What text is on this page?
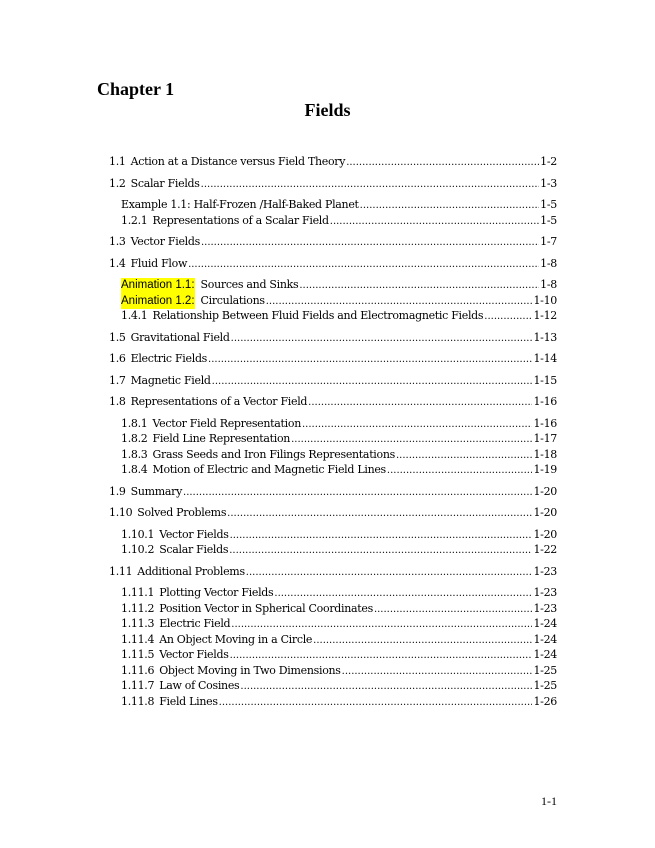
Chapter 1
Fields
1.1 Action at a Distance versus Field Theory .....	1-2
1.2 Scalar Fields .....	1-3
Example 1.1: Half-Frozen /Half-Baked Planet .....	1-5
1.2.1 Representations of a Scalar Field .....	1-5
1.3 Vector Fields .....	1-7
1.4 Fluid Flow .....	1-8
Animation 1.1: Sources and Sinks .....	1-8
Animation 1.2: Circulations .....	1-10
1.4.1 Relationship Between Fluid Fields and Electromagnetic Fields .....	1-12
1.5 Gravitational Field .....	1-13
1.6 Electric Fields .....	1-14
1.7 Magnetic Field .....	1-15
1.8 Representations of a Vector Field .....	1-16
1.8.1 Vector Field Representation .....	1-16
1.8.2 Field Line Representation .....	1-17
1.8.3 Grass Seeds and Iron Filings Representations .....	1-18
1.8.4 Motion of Electric and Magnetic Field Lines .....	1-19
1.9 Summary .....	1-20
1.10 Solved Problems .....	1-20
1.10.1 Vector Fields .....	1-20
1.10.2 Scalar Fields .....	1-22
1.11 Additional Problems .....	1-23
1.11.1 Plotting Vector Fields .....	1-23
1.11.2 Position Vector in Spherical Coordinates .....	1-23
1.11.3 Electric Field .....	1-24
1.11.4 An Object Moving in a Circle .....	1-24
1.11.5 Vector Fields .....	1-24
1.11.6 Object Moving in Two Dimensions .....	1-25
1.11.7 Law of Cosines .....	1-25
1.11.8 Field Lines .....	1-26
1-1
